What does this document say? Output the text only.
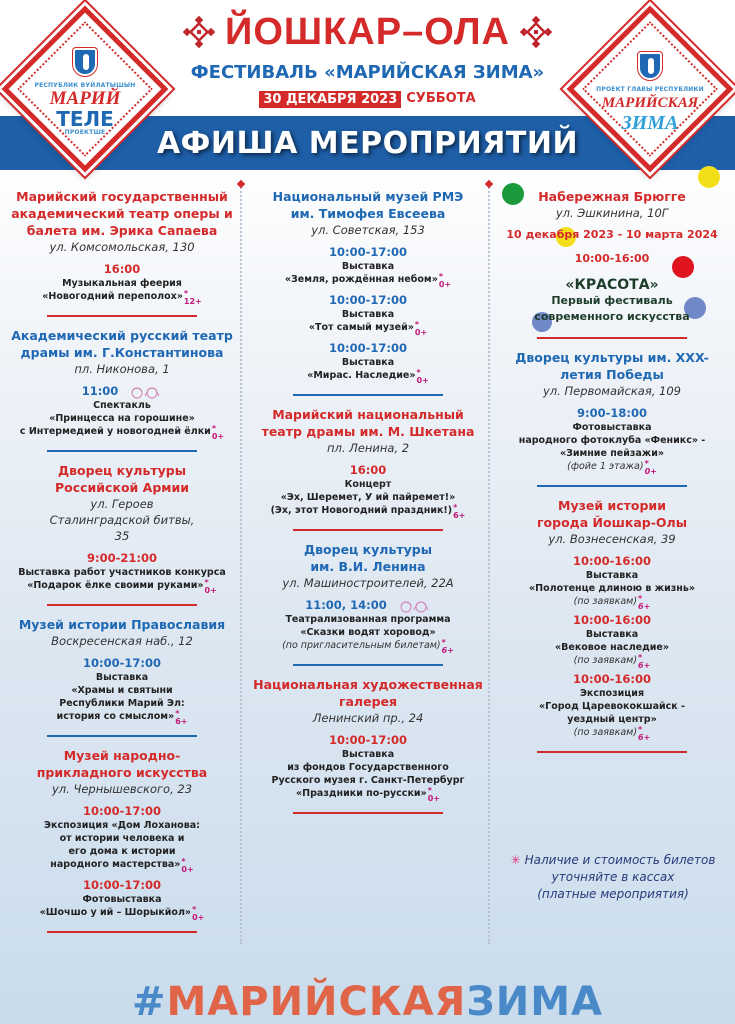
АФИША МЕРОПРИЯТИЙ
ЙОШКАР–ОЛА
ФЕСТИВАЛЬ «МАРИЙСКАЯ ЗИМА»
30 ДЕКАБРЯ 2023 СУББОТА
РЕСПУБЛИК ВУЙЛАТЫШЫН
МАРИЙ
ТЕЛЕ
ПРОЕКТШЕ
ПРОЕКТ ГЛАВЫ РЕСПУБЛИКИ
МАРИЙСКАЯ
ЗИМА
Марийский государственный академический театр оперы и балета им. Эрика Сапаева
ул. Комсомольская, 130
16:00
Музыкальная феерия
«Новогодний переполох»* $_{12+}$
Академический русский театр драмы им. Г.Константинова
пл. Никонова, 1
11:00
Спектакль
«Принцесса на горошине»
с Интермедией у новогодней ёлки* $_{0+}$
Дворец культуры Российской Армии
ул. Героев Сталинградской битвы, 35
9:00-21:00
Выставка работ участников конкурса
«Подарок ёлке своими руками»* $_{0+}$
Музей истории Православия
Воскресенская наб., 12
10:00-17:00
Выставка
«Храмы и святыни
Республики Марий Эл:
история со смыслом»* $_{6+}$
Музей народно-прикладного искусства
ул. Чернышевского, 23
10:00-17:00
Экспозиция «Дом Лоханова:
от истории человека и
его дома к истории
народного мастерства»* $_{0+}$
10:00-17:00
Фотовыставка
«Шочшо у ий – Шорыкйол»* $_{0+}$
Национальный музей РМЭ им. Тимофея Евсеева
ул. Советская, 153
10:00-17:00
Выставка
«Земля, рождённая небом»* $_{0+}$
10:00-17:00
Выставка
«Тот самый музей»* $_{0+}$
10:00-17:00
Выставка
«Мирас. Наследие»* $_{0+}$
Марийский национальный театр драмы им. М. Шкетана
пл. Ленина, 2
16:00
Концерт
«Эх, Шеремет, У ий пайремет!»
(Эх, этот Новогодний праздник!)* $_{6+}$
Дворец культуры им. В.И. Ленина
ул. Машиностроителей, 22А
11:00, 14:00
Театрализованная программа
«Сказки водят хоровод»
(по пригласительным билетам)* $_{6+}$
Национальная художественная галерея
Ленинский пр., 24
10:00-17:00
Выставка
из фондов Государственного
Русского музея г. Санкт-Петербург
«Праздники по-русски»* $_{0+}$
Набережная Брюгге
ул. Эшкинина, 10Г
10 декабря 2023 - 10 марта 2024
10:00-16:00
«КРАСОТА»
Первый фестиваль
современного искусства
Дворец культуры им. XXX-летия Победы
ул. Первомайская, 109
9:00-18:00
Фотовыставка
народного фотоклуба «Феникс» -
«Зимние пейзажи»
(фойе 1 этажа)* $_{0+}$
Музей истории города Йошкар-Олы
ул. Вознесенская, 39
10:00-16:00
Выставка
«Полотенце длиною в жизнь»
(по заявкам)* $_{6+}$
10:00-16:00
Выставка
«Вековое наследие»
(по заявкам)* $_{6+}$
10:00-16:00
Экспозиция
«Город Царевококшайск -
уездный центр»
(по заявкам)* $_{6+}$
✳ Наличие и стоимость билетов
уточняйте в кассах
(платные мероприятия)
#МАРИЙСКАЯЗИМА
